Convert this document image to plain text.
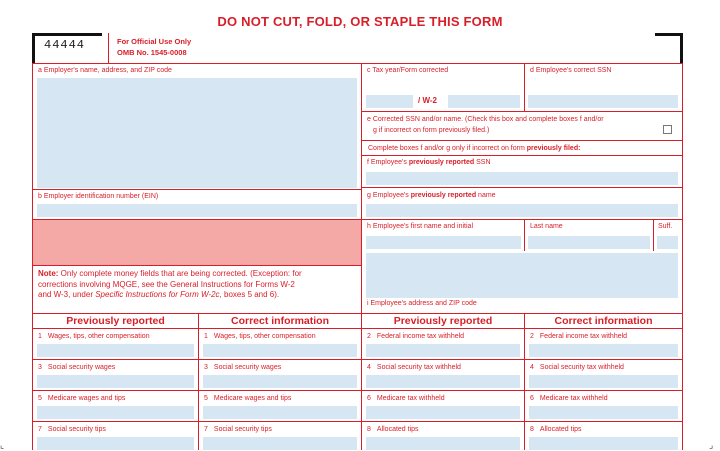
DO NOT CUT, FOLD, OR STAPLE THIS FORM
44444	For Official Use Only
OMB No. 1545-0008
a Employer's name, address, and ZIP code
b Employer identification number (EIN)
Note: Only complete money fields that are being corrected. (Exception: for
corrections involving MQGE, see the General Instructions for Forms W-2
and W-3, under Specific Instructions for Form W-2c, boxes 5 and 6).
c Tax year/Form corrected	d Employee's correct SSN
/ W-2
e Corrected SSN and/or name. (Check this box and complete boxes f and/or
g if incorrect on form previously filed.)
Complete boxes f and/or g only if incorrect on form previously filed:
f Employee's previously reported SSN
g Employee's previously reported name
h Employee's first name and initial	Last name	Suff.
i Employee's address and ZIP code
Previously reported	Correct information	Previously reported	Correct information
1 Wages, tips, other compensation	1 Wages, tips, other compensation	2 Federal income tax withheld	2 Federal income tax withheld
3 Social security wages	3 Social security wages	4 Social security tax withheld	4 Social security tax withheld
5 Medicare wages and tips	5 Medicare wages and tips	6 Medicare tax withheld	6 Medicare tax withheld
7 Social security tips	7 Social security tips	8 Allocated tips	8 Allocated tips
⌞	⌟
